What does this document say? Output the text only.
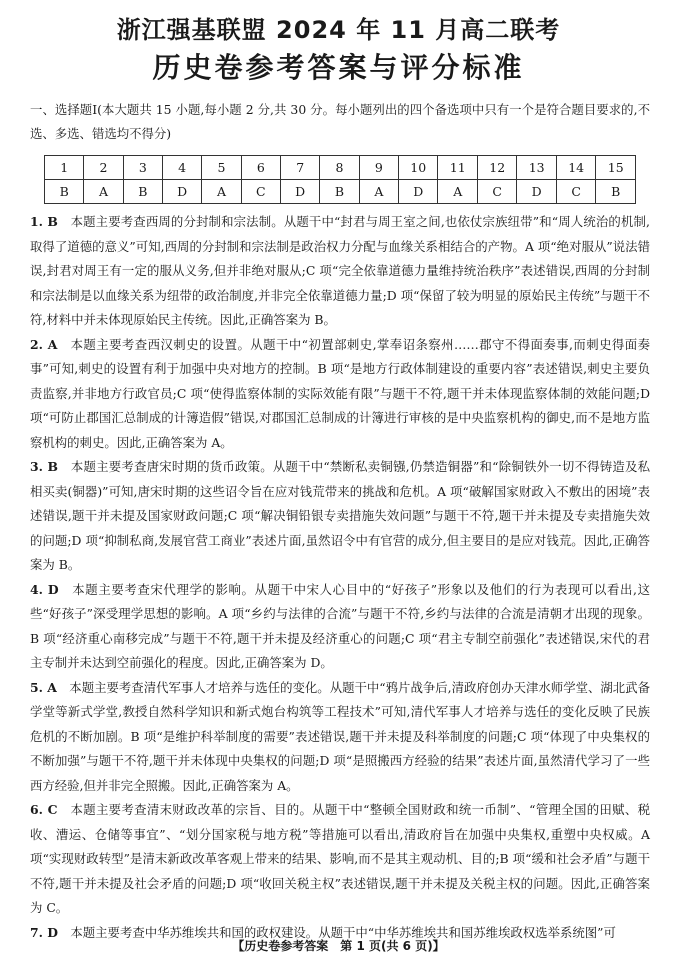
浙江强基联盟 2024 年 11 月高二联考
历史卷参考答案与评分标准
一、选择题Ⅰ(本大题共 15 小题,每小题 2 分,共 30 分。每小题列出的四个备选项中只有一个是符合题目要求的,不选、多选、错选均不得分)
1	2	3	4	5	6	7	8	9	10	11	12	13	14	15
B	A	B	D	A	C	D	B	A	D	A	C	D	C	B

1. B　 本题主要考查西周的分封制和宗法制。从题干中“封君与周王室之间,也依仗宗族纽带”和“周人统治的机制,取得了道德的意义”可知,西周的分封制和宗法制是政治权力分配与血缘关系相结合的产物。A 项“绝对服从”说法错误,封君对周王有一定的服从义务,但并非绝对服从;C 项“完全依靠道德力量维持统治秩序”表述错误,西周的分封制和宗法制是以血缘关系为纽带的政治制度,并非完全依靠道德力量;D 项“保留了较为明显的原始民主传统”与题干不符,材料中并未体现原始民主传统。因此,正确答案为 B。

2. A　 本题主要考查西汉刺史的设置。从题干中“初置部刺史,掌奉诏条察州……郡守不得面奏事,而刺史得面奏事”可知,刺史的设置有利于加强中央对地方的控制。B 项“是地方行政体制建设的重要内容”表述错误,刺史主要负责监察,并非地方行政官员;C 项“使得监察体制的实际效能有限”与题干不符,题干并未体现监察体制的效能问题;D 项“可防止郡国汇总制成的计簿造假”错误,对郡国汇总制成的计簿进行审核的是中央监察机构的御史,而不是地方监察机构的刺史。因此,正确答案为 A。

3. B　 本题主要考查唐宋时期的货币政策。从题干中“禁断私卖铜镪,仍禁造铜器”和“除铜铁外一切不得铸造及私相买卖(铜器)”可知,唐宋时期的这些诏令旨在应对钱荒带来的挑战和危机。A 项“破解国家财政入不敷出的困境”表述错误,题干并未提及国家财政问题;C 项“解决铜铅银专卖措施失效问题”与题干不符,题干并未提及专卖措施失效的问题;D 项“抑制私商,发展官营工商业”表述片面,虽然诏令中有官营的成分,但主要目的是应对钱荒。因此,正确答案为 B。

4. D　 本题主要考查宋代理学的影响。从题干中宋人心目中的“好孩子”形象以及他们的行为表现可以看出,这些“好孩子”深受理学思想的影响。A 项“乡约与法律的合流”与题干不符,乡约与法律的合流是清朝才出现的现象。B 项“经济重心南移完成”与题干不符,题干并未提及经济重心的问题;C 项“君主专制空前强化”表述错误,宋代的君主专制并未达到空前强化的程度。因此,正确答案为 D。

5. A　 本题主要考查清代军事人才培养与选任的变化。从题干中“鸦片战争后,清政府创办天津水师学堂、湖北武备学堂等新式学堂,教授自然科学知识和新式炮台构筑等工程技术”可知,清代军事人才培养与选任的变化反映了民族危机的不断加剧。B 项“是维护科举制度的需要”表述错误,题干并未提及科举制度的问题;C 项“体现了中央集权的不断加强”与题干不符,题干并未体现中央集权的问题;D 项“是照搬西方经验的结果”表述片面,虽然清代学习了一些西方经验,但并非完全照搬。因此,正确答案为 A。

6. C　 本题主要考查清末财政改革的宗旨、目的。从题干中“整顿全国财政和统一币制”、“管理全国的田赋、税收、漕运、仓储等事宜”、“划分国家税与地方税”等措施可以看出,清政府旨在加强中央集权,重塑中央权威。A 项“实现财政转型”是清末新政改革客观上带来的结果、影响,而不是其主观动机、目的;B 项“缓和社会矛盾”与题干不符,题干并未提及社会矛盾的问题;D 项“收回关税主权”表述错误,题干并未提及关税主权的问题。因此,正确答案为 C。

7. D　 本题主要考查中华苏维埃共和国的政权建设。从题干中“中华苏维埃共和国苏维埃政权选举系统图”可

【历史卷参考答案　第 1 页(共 6 页)】
